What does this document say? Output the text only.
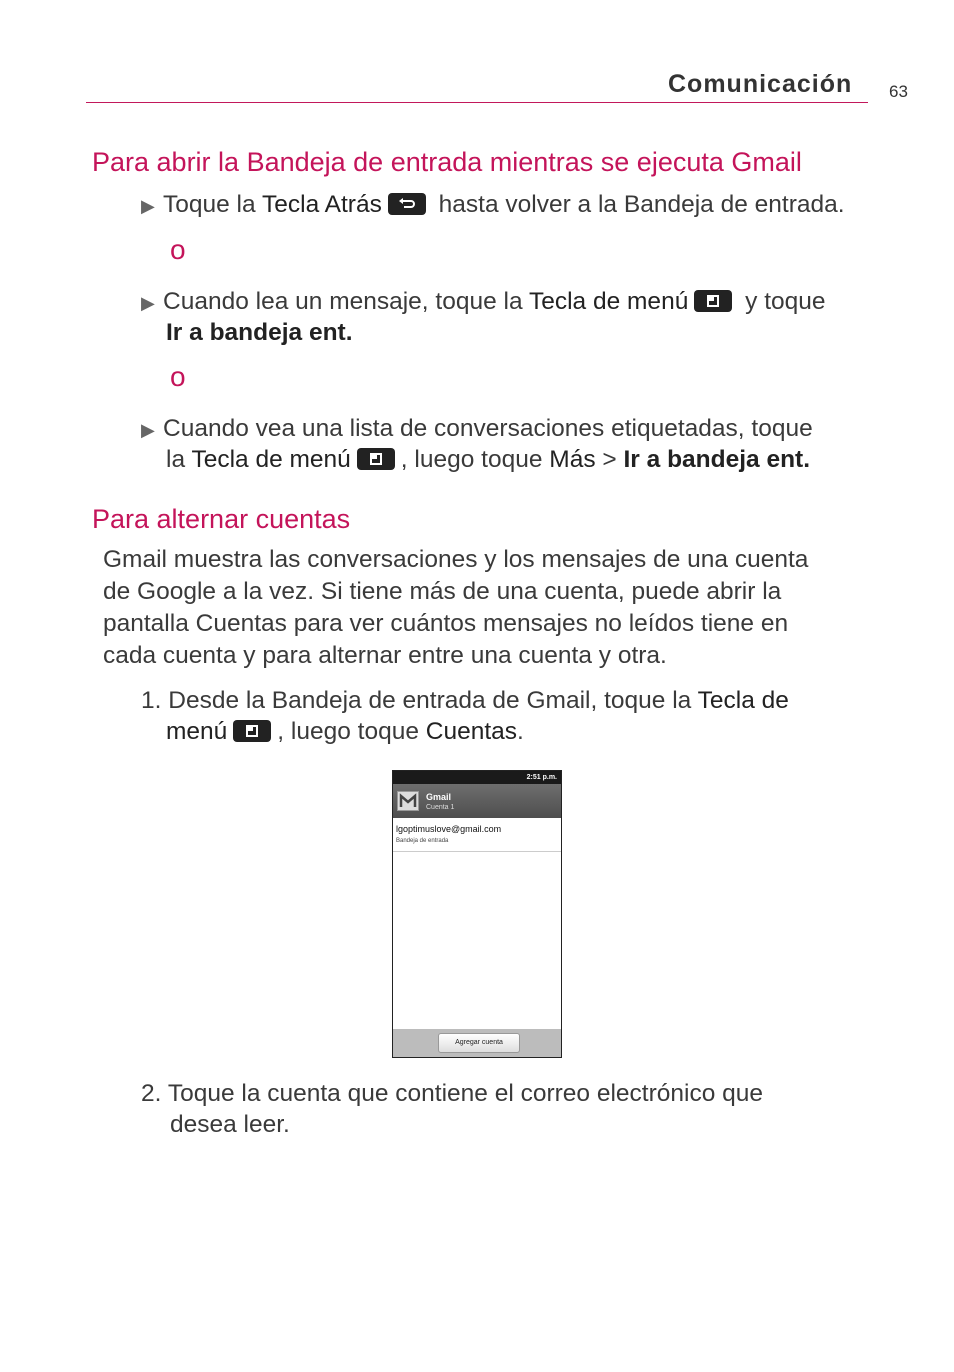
Comunicación 63
Para abrir la Bandeja de entrada mientras se ejecuta Gmail
▶ Toque la Tecla Atrás
hasta volver a la Bandeja de entrada.
o
▶ Cuando lea un mensaje, toque la Tecla de menú
y toque
Ir a bandeja ent.
o
▶ Cuando vea una lista de conversaciones etiquetadas, toque
la Tecla de menú , luego toque Más > Ir a bandeja ent.
Para alternar cuentas
Gmail muestra las conversaciones y los mensajes de una cuenta
de Google a la vez. Si tiene más de una cuenta, puede abrir la
pantalla Cuentas para ver cuántos mensajes no leídos tiene en
cada cuenta y para alternar entre una cuenta y otra.
1. Desde la Bandeja de entrada de Gmail, toque la Tecla de
menú , luego toque Cuentas.
2:51 p.m.
Gmail
Cuenta 1
lgoptimuslove@gmail.com
Bandeja de entrada
Agregar cuenta
2. Toque la cuenta que contiene el correo electrónico que
desea leer.
